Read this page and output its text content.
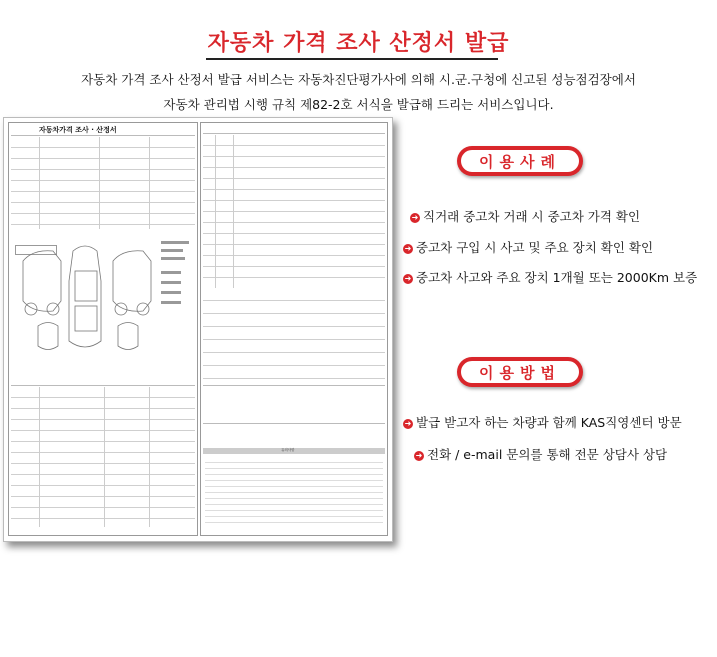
자동차 가격 조사 산정서 발급
자동차 가격 조사 산정서 발급 서비스는 자동차진단평가사에 의해 시.군.구청에 신고된 성능점검장에서
자동차 관리법 시행 규칙 제82-2호 서식을 발급해 드리는 서비스입니다.
자동차가격 조사 · 산정서
유의사항
이용사례
➜ 직거래 중고차 거래 시 중고차 가격 확인
➜ 중고차 구입 시 사고 및 주요 장치 확인 확인
➜ 중고차 사고와 주요 장치 1개월 또는 2000Km 보증
이용방법
➜ 발급 받고자 하는 차량과 함께 KAS직영센터 방문
➜ 전화 / e-mail 문의를 통해 전문 상담사 상담
